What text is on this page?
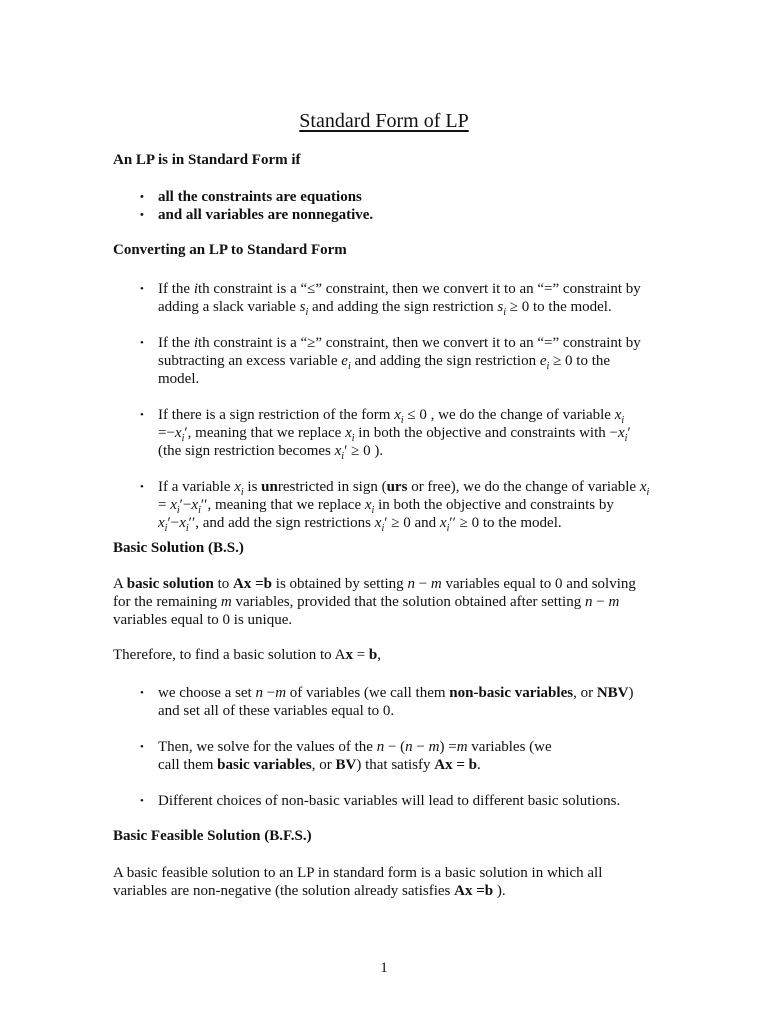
Standard Form of LP
An LP is in Standard Form if
• all the constraints are equations
• and all variables are nonnegative.
Converting an LP to Standard Form
• If the ith constraint is a “≤” constraint, then we convert it to an “=” constraint by
adding a slack variable $s_i$ and adding the sign restriction $s_i \ge 0$ to the model.
• If the ith constraint is a “≥” constraint, then we convert it to an “=” constraint by
subtracting an excess variable $e_i$ and adding the sign restriction $e_i \ge 0$ to the model.
• If there is a sign restriction of the form $x_i \le 0$ , we do the change of variable $x_i$
$=-x_i'$, meaning that we replace $x_i$ in both the objective and constraints with $-x_i'$
(the sign restriction becomes $x_i' \ge 0$ ).
• If a variable $x_i$ is unrestricted in sign (urs or free), we do the change of variable $x_i$
= $x_i'-x_i''$, meaning that we replace $x_i$ in both the objective and constraints by
$x_i'-x_i''$, and add the sign restrictions $x_i' \ge 0$ and $x_i'' \ge 0$ to the model.
Basic Solution (B.S.)
A basic solution to Ax =b is obtained by setting n − m variables equal to 0 and solving
for the remaining m variables, provided that the solution obtained after setting n − m
variables equal to 0 is unique.
Therefore, to find a basic solution to Ax = b,
• we choose a set n −m of variables (we call them non-basic variables, or NBV)
and set all of these variables equal to 0.
• Then, we solve for the values of the n − (n − m) =m variables (we
call them basic variables, or BV) that satisfy Ax = b.
• Different choices of non-basic variables will lead to different basic solutions.
Basic Feasible Solution (B.F.S.)
A basic feasible solution to an LP in standard form is a basic solution in which all
variables are non-negative (the solution already satisfies Ax =b ).
1
